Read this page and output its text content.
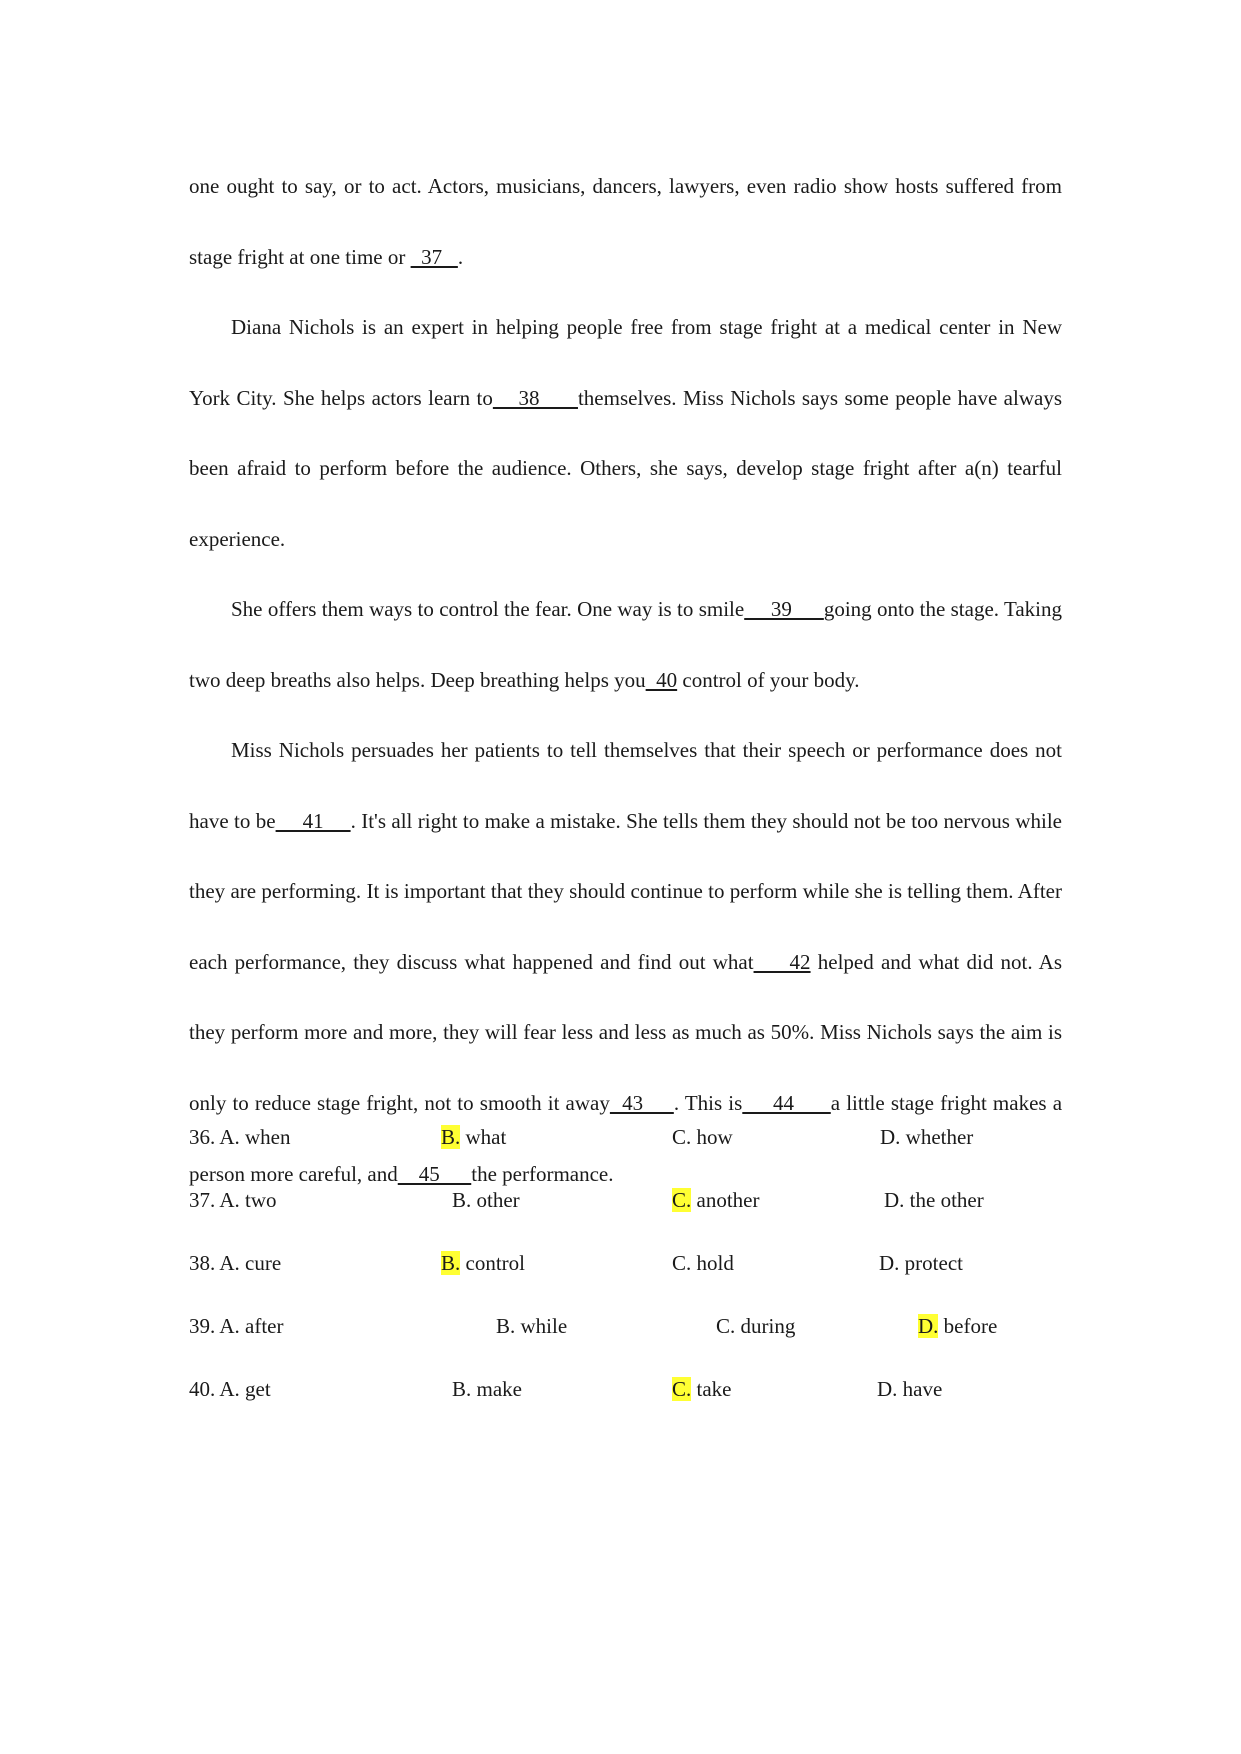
one ought to say, or to act. Actors, musicians, dancers, lawyers, even radio show hosts suffered from stage fright at one time or   37   .

Diana Nichols is an expert in helping people free from stage fright at a medical center in New York City. She helps actors learn to    38      themselves. Miss Nichols says some people have always been afraid to perform before the audience. Others, she says, develop stage fright after a(n) tearful experience.

She offers them ways to control the fear. One way is to smile     39      going onto the stage. Taking two deep breaths also helps. Deep breathing helps you  40 control of your body.

Miss Nichols persuades her patients to tell themselves that their speech or performance does not have to be     41     . It's all right to make a mistake. She tells them they should not be too nervous while they are performing. It is important that they should continue to perform while she is telling them. After each performance, they discuss what happened and find out what     42 helped and what did not. As they perform more and more, they will fear less and less as much as 50%. Miss Nichols says the aim is only to reduce stage fright, not to smooth it away  43     . This is     44      a little stage fright makes a person more careful, and    45      the performance.

36. A. when	B. what	C. how	D. whether
37. A. two	B. other	C. another	D. the other
38. A. cure	B. control	C. hold	D. protect
39. A. after	B. while	C. during	D. before
40. A. get	B. make	C. take	D. have
